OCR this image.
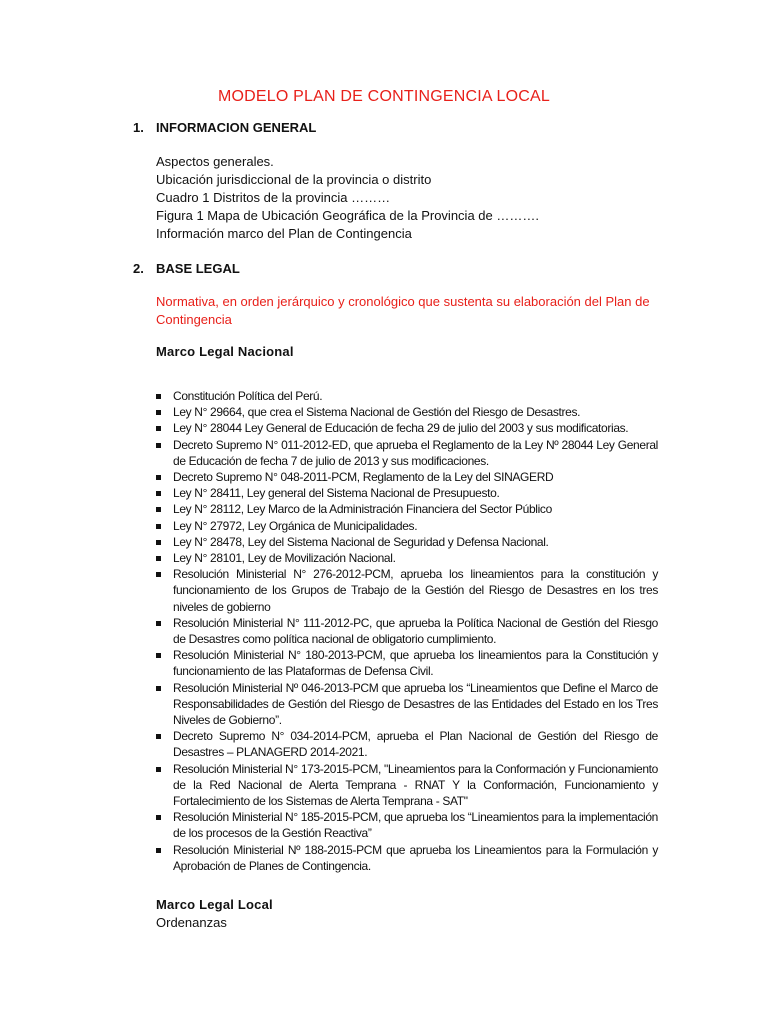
MODELO PLAN DE CONTINGENCIA LOCAL
1. INFORMACION GENERAL
Aspectos generales.
Ubicación jurisdiccional de la provincia o distrito
Cuadro 1 Distritos de la provincia ………
Figura 1 Mapa de Ubicación Geográfica de la Provincia de ……….
Información marco del Plan de Contingencia
2. BASE LEGAL
Normativa, en orden jerárquico y cronológico que sustenta su elaboración del Plan de Contingencia
Marco Legal Nacional
Constitución Política del Perú.
Ley N° 29664, que crea el Sistema Nacional de Gestión del Riesgo de Desastres.
Ley N° 28044 Ley General de Educación de fecha 29 de julio del 2003 y sus modificatorias.
Decreto Supremo N° 011-2012-ED, que aprueba el Reglamento de la Ley Nº 28044 Ley General de Educación de fecha 7 de julio de 2013 y sus modificaciones.
Decreto Supremo N° 048-2011-PCM, Reglamento de la Ley del SINAGERD
Ley N° 28411, Ley general del Sistema Nacional de Presupuesto.
Ley N° 28112, Ley Marco de la Administración Financiera del Sector Público
Ley N° 27972, Ley Orgánica de Municipalidades.
Ley N° 28478, Ley del Sistema Nacional de Seguridad y Defensa Nacional.
Ley N° 28101, Ley de Movilización Nacional.
Resolución Ministerial N° 276-2012-PCM, aprueba los lineamientos para la constitución y funcionamiento de los Grupos de Trabajo de la Gestión del Riesgo de Desastres en los tres niveles de gobierno
Resolución Ministerial N° 111-2012-PC, que aprueba la Política Nacional de Gestión del Riesgo de Desastres como política nacional de obligatorio cumplimiento.
Resolución Ministerial N° 180-2013-PCM, que aprueba los lineamientos para la Constitución y funcionamiento de las Plataformas de Defensa Civil.
Resolución Ministerial Nº 046-2013-PCM que aprueba los “Lineamientos que Define el Marco de Responsabilidades de Gestión del Riesgo de Desastres de las Entidades del Estado en los Tres Niveles de Gobierno”.
Decreto Supremo N° 034-2014-PCM, aprueba el Plan Nacional de Gestión del Riesgo de Desastres – PLANAGERD 2014-2021.
Resolución Ministerial N° 173-2015-PCM, "Lineamientos para la Conformación y Funcionamiento de la Red Nacional de Alerta Temprana - RNAT Y la Conformación, Funcionamiento y Fortalecimiento de los Sistemas de Alerta Temprana - SAT"
Resolución Ministerial N° 185-2015-PCM, que aprueba los “Lineamientos para la implementación de los procesos de la Gestión Reactiva”
Resolución Ministerial Nº 188-2015-PCM que aprueba los Lineamientos para la Formulación y Aprobación de Planes de Contingencia.
Marco Legal Local
Ordenanzas
